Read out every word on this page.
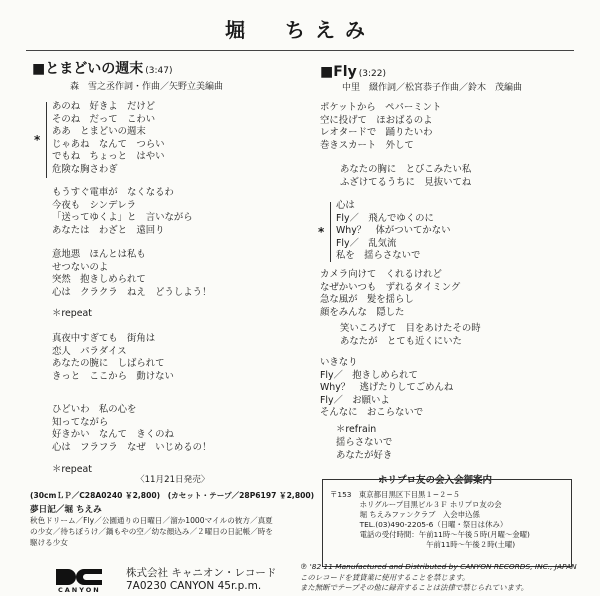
堀　ちえみ
■とまどいの週末 (3:47)
森　雪之丞作詞・作曲／矢野立美編曲
*
あのね　好きよ　だけど
そのね　だって　こわい
ああ　とまどいの週末
じゃあね　なんて　つらい
でもね　ちょっと　はやい
危険な胸さわぎ
もうすぐ電車が　なくなるわ
今夜も　シンデレラ
「送ってゆくよ」と　言いながら
あなたは　わざと　遠回り
意地悪　ほんとは私も
せつないのよ
突然　抱きしめられて
心は　クラクラ　ねえ　どうしよう！
＊repeat
真夜中すぎても　街角は
恋人　パラダイス
あなたの腕に　しばられて
きっと　ここから　動けない
ひどいわ　私の心を
知ってながら
好きかい　なんて　きくのね
心は　フラフラ　なぜ　いじめるの！
＊repeat
■Fly (3:22)
中里　綴作詞／松宮恭子作曲／鈴木　茂編曲
ポケットから　ペパーミント
空に投げて　ほおばるのよ
レオタードで　踊りたいわ
巻きスカート　外して
あなたの胸に　とびこみたい私
ふざけてるうちに　見抜いてね
*
心は
Fly／　飛んでゆくのに
Why？　体がついてかない
Fly／　乱気流
私を　揺らさないで
カメラ向けて　くれるけれど
なぜかいつも　ずれるタイミング
急な風が　髪を揺らし
顔をみんな　隠した
笑いころげて　目をあけたその時
あなたが　とても近くにいた
いきなり
Fly／　抱きしめられて
Why？　逃げたりしてごめんね
Fly／　お願いよ
そんなに　おこらないで
＊refrain
揺らさないで
あなたが好き
〈11月21日発売〉
(30cmＬＰ／C28A0240 ￥2,800)　(カセット・テープ／28P6197 ￥2,800)
夢日記／堀 ちえみ
秋色ドリーム／Fly／公園通りの日曜日／溜か1000マイルの彼方／真夏
の少女／待ちぼうけ／鍋もやの空／幼な顔込み／２曜日の日記帳／時を
駆ける少女
ホリプロ友の会入会御案内
〒153　東京都目黒区下目黒１−２−５
　　　　ホリグループ目黒ビル３Ｆ ホリプロ友の会
　　　　堀 ちえみファンクラブ　入会申込係
　　　　TEL.(03)490-2205-6（日曜・祭日は休み）
　　　　電話の受付時間：午前11時〜午後５時(月曜〜金曜)
　　　　　　　　　　　　　午前11時〜午後２時(土曜)
CANYON
株式会社 キャニオン・レコード
7A0230 CANYON 45r.p.m.
℗ '82·11 Manufactured and Distributed by CANYON RECORDS, INC., JAPAN
このレコードを賃貸業に使用することを禁じます。
また無断でテープその他に録音することは法律で禁じられています。
